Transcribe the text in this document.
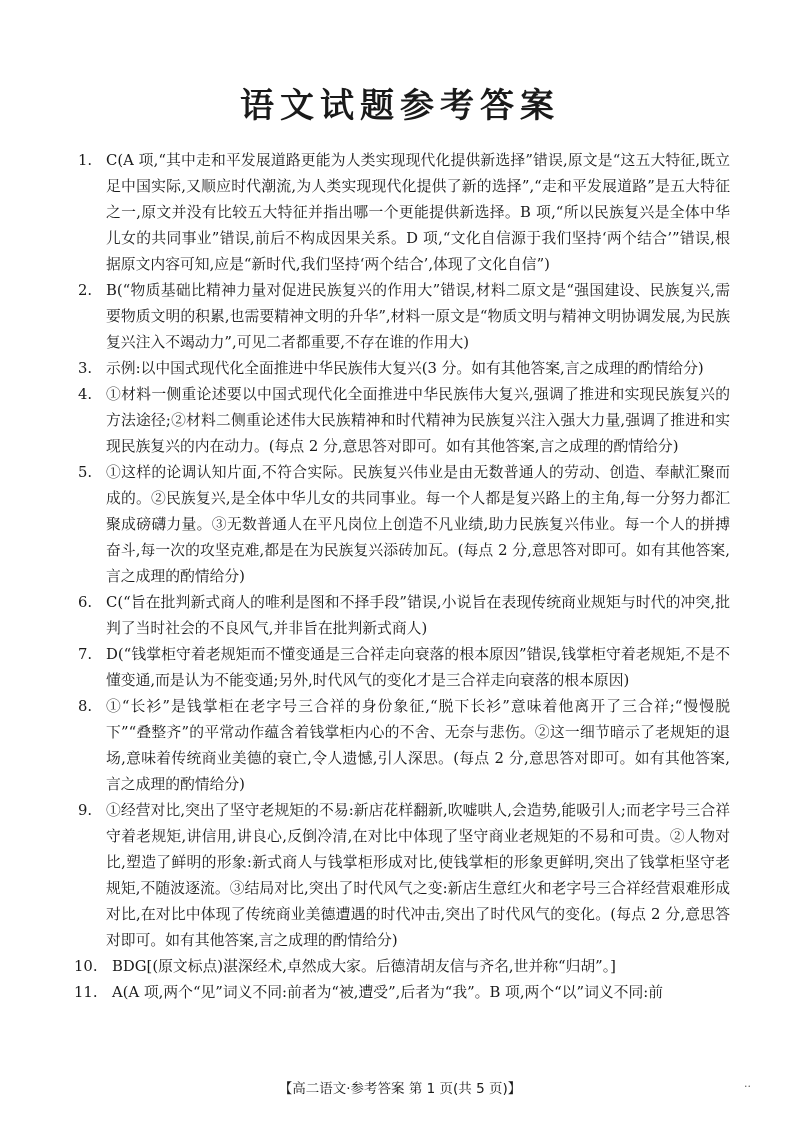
语文试题参考答案

1. C(A 项,“其中走和平发展道路更能为人类实现现代化提供新选择”错误,原文是“这五大特征,既立足中国实际,又顺应时代潮流,为人类实现现代化提供了新的选择”,“走和平发展道路”是五大特征之一,原文并没有比较五大特征并指出哪一个更能提供新选择。B 项,“所以民族复兴是全体中华儿女的共同事业”错误,前后不构成因果关系。D 项,“文化自信源于我们坚持‘两个结合’”错误,根据原文内容可知,应是“新时代,我们坚持‘两个结合’,体现了文化自信”)

2. B(“物质基础比精神力量对促进民族复兴的作用大”错误,材料二原文是“强国建设、民族复兴,需要物质文明的积累,也需要精神文明的升华”,材料一原文是“物质文明与精神文明协调发展,为民族复兴注入不竭动力”,可见二者都重要,不存在谁的作用大)

3. 示例:以中国式现代化全面推进中华民族伟大复兴(3 分。如有其他答案,言之成理的酌情给分)

4. ①材料一侧重论述要以中国式现代化全面推进中华民族伟大复兴,强调了推进和实现民族复兴的方法途径;②材料二侧重论述伟大民族精神和时代精神为民族复兴注入强大力量,强调了推进和实现民族复兴的内在动力。(每点 2 分,意思答对即可。如有其他答案,言之成理的酌情给分)

5. ①这样的论调认知片面,不符合实际。民族复兴伟业是由无数普通人的劳动、创造、奉献汇聚而成的。②民族复兴,是全体中华儿女的共同事业。每一个人都是复兴路上的主角,每一分努力都汇聚成磅礴力量。③无数普通人在平凡岗位上创造不凡业绩,助力民族复兴伟业。每一个人的拼搏奋斗,每一次的攻坚克难,都是在为民族复兴添砖加瓦。(每点 2 分,意思答对即可。如有其他答案,言之成理的酌情给分)

6. C(“旨在批判新式商人的唯利是图和不择手段”错误,小说旨在表现传统商业规矩与时代的冲突,批判了当时社会的不良风气,并非旨在批判新式商人)

7. D(“钱掌柜守着老规矩而不懂变通是三合祥走向衰落的根本原因”错误,钱掌柜守着老规矩,不是不懂变通,而是认为不能变通;另外,时代风气的变化才是三合祥走向衰落的根本原因)

8. ①“长衫”是钱掌柜在老字号三合祥的身份象征,“脱下长衫”意味着他离开了三合祥;“慢慢脱下”“叠整齐”的平常动作蕴含着钱掌柜内心的不舍、无奈与悲伤。②这一细节暗示了老规矩的退场,意味着传统商业美德的衰亡,令人遗憾,引人深思。(每点 2 分,意思答对即可。如有其他答案,言之成理的酌情给分)

9. ①经营对比,突出了坚守老规矩的不易:新店花样翻新,吹嘘哄人,会造势,能吸引人;而老字号三合祥守着老规矩,讲信用,讲良心,反倒冷清,在对比中体现了坚守商业老规矩的不易和可贵。②人物对比,塑造了鲜明的形象:新式商人与钱掌柜形成对比,使钱掌柜的形象更鲜明,突出了钱掌柜坚守老规矩,不随波逐流。③结局对比,突出了时代风气之变:新店生意红火和老字号三合祥经营艰难形成对比,在对比中体现了传统商业美德遭遇的时代冲击,突出了时代风气的变化。(每点 2 分,意思答对即可。如有其他答案,言之成理的酌情给分)

10. BDG[(原文标点)湛深经术,卓然成大家。后德清胡友信与齐名,世并称“归胡”。]

11. A(A 项,两个“见”词义不同:前者为“被,遭受”,后者为“我”。B 项,两个“以”词义不同:前

【高二语文·参考答案 第 1 页(共 5 页)】	··
